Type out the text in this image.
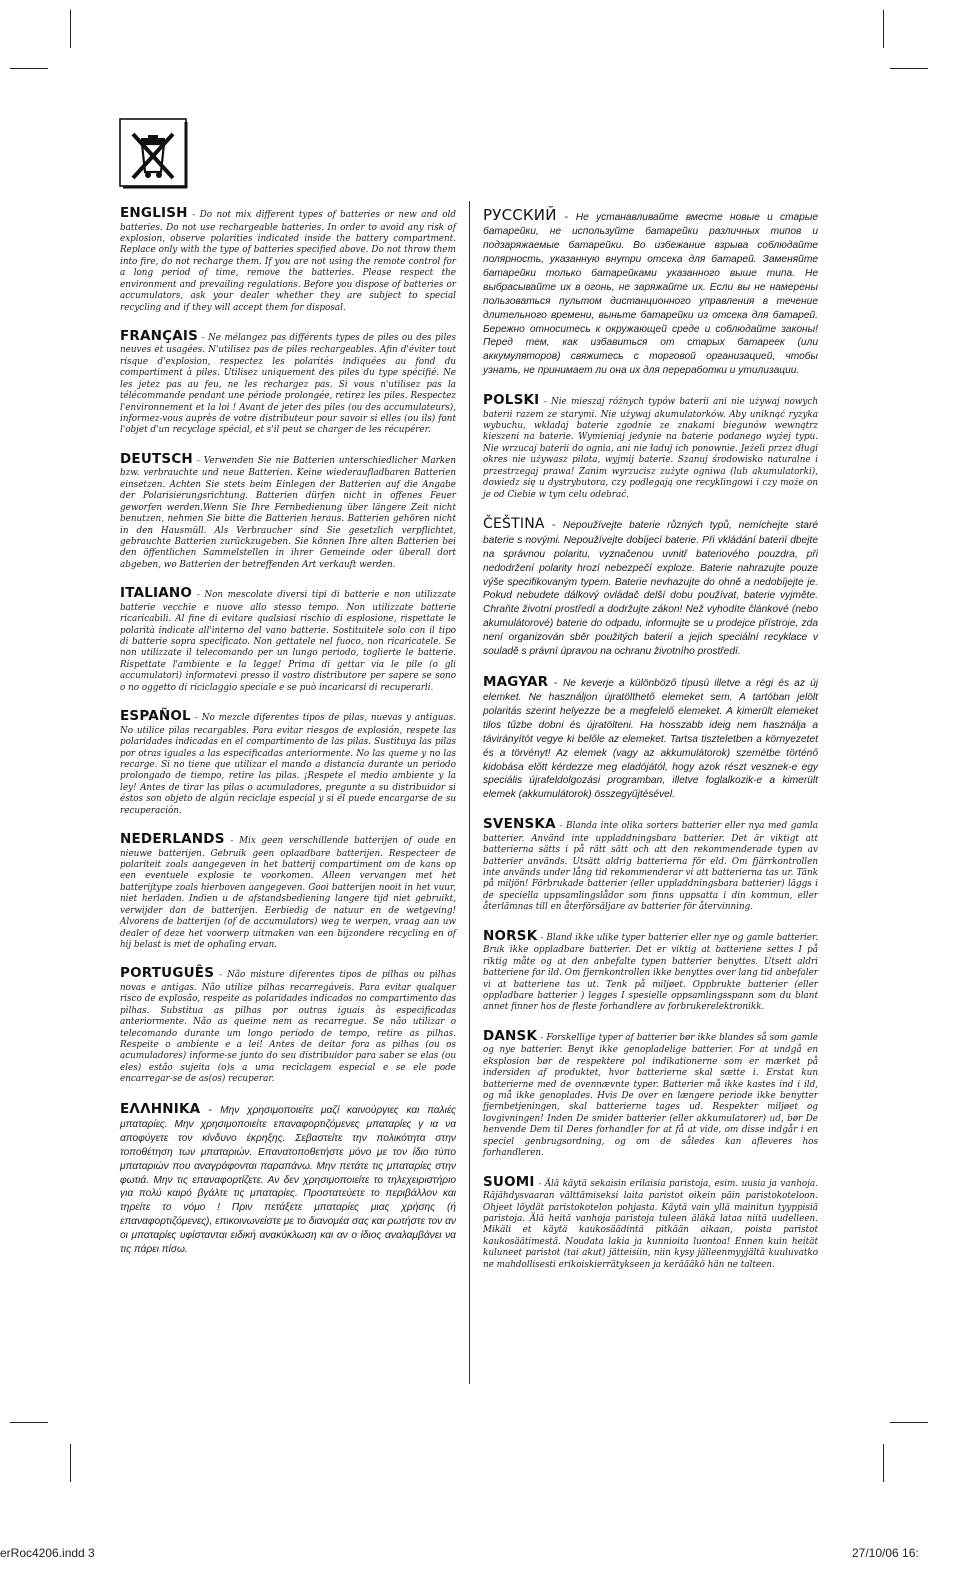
ENGLISH - Do not mix different types of batteries or new and old batteries. Do not use rechargeable batteries. In order to avoid any risk of explosion, observe polarities indicated inside the battery compartment. Replace only with the type of batteries specified above. Do not throw them into fire, do not recharge them. If you are not using the remote control for a long period of time, remove the batteries. Please respect the environment and prevailing regulations. Before you dispose of batteries or accumulators, ask your dealer whether they are subject to special recycling and if they will accept them for disposal.

FRANÇAIS - Ne mélangez pas différents types de piles ou des piles neuves et usagées. N'utilisez pas de piles rechargeables. Afin d'éviter tout risque d'explosion, respectez les polarités indiquées au fond du compartiment à piles. Utilisez uniquement des piles du type spécifié. Ne les jetez pas au feu, ne les rechargez pas. Si vous n'utilisez pas la télécommande pendant une période prolongée, retirez les piles. Respectez l'environnement et la loi ! Avant de jeter des piles (ou des accumulateurs), informez-vous auprès de votre distributeur pour savoir si elles (ou ils) font l'objet d'un recyclage spécial, et s'il peut se charger de les récupérer.

DEUTSCH - Verwenden Sie nie Batterien unterschiedlicher Marken bzw. verbrauchte und neue Batterien. Keine wiederaufladbaren Batterien einsetzen. Achten Sie stets beim Einlegen der Batterien auf die Angabe der Polarisierungsrichtung. Batterien dürfen nicht in offenes Feuer geworfen werden.Wenn Sie Ihre Fernbedienung über längere Zeit nicht benutzen, nehmen Sie bitte die Batterien heraus. Batterien gehören nicht in den Hausmüll. Als Verbraucher sind Sie gesetzlich verpflichtet, gebrauchte Batterien zurückzugeben. Sie können Ihre alten Batterien bei den öffentlichen Sammelstellen in ihrer Gemeinde oder überall dort abgeben, wo Batterien der betreffenden Art verkauft werden.

ITALIANO - Non mescolate diversi tipi di batterie e non utilizzate batterie vecchie e nuove allo stesso tempo. Non utilizzate batterie ricaricabili. Al fine di evitare qualsiasi rischio di esplosione, rispettate le polarità indicate all'interno del vano batterie. Sostituitele solo con il tipo di batterie sopra specificato. Non gettatele nel fuoco, non ricaricatele. Se non utilizzate il telecomando per un lungo periodo, toglierte le batterie. Rispettate l'ambiente e la legge! Prima di gettar via le pile (o gli accumulatori) informatevi presso il vostro distributore per sapere se sono o no oggetto di riciclaggio speciale e se può incaricarsi di recuperarli.

ESPAÑOL - No mezcle diferentes tipos de pilas, nuevas y antiguas. No utilice pilas recargables. Para evitar riesgos de explosión, respete las polaridades indicadas en el compartimento de las pilas. Sustituya las pilas por otras iguales a las especificadas anteriormente. No las queme y no las recarge. Si no tiene que utilizar el mando a distancia durante un periodo prolongado de tiempo, retire las pilas. ¡Respete el medio ambiente y la ley! Antes de tirar las pilas o acumuladores, pregunte a su distribuidor si éstos son objeto de algún reciclaje especial y si él puede encargarse de su recuperación.

NEDERLANDS - Mix geen verschillende batterijen of oude en nieuwe batterijen. Gebruik geen oplaadbare batterijen. Respecteer de polariteit zoals aangegeven in het batterij compartiment om de kans op een eventuele explosie te voorkomen. Alleen vervangen met het batterijtype zoals hierboven aangegeven. Gooi batterijen nooit in het vuur, niet herladen. Indien u de afstandsbediening langere tijd niet gebruikt, verwijder dan de batterijen. Eerbiedig de natuur en de wetgeving! Alvorens de batterijen (of de accumulators) weg te werpen, vraag aan uw dealer of deze het voorwerp uitmaken van een bijzondere recycling en of hij belast is met de ophaling ervan.

PORTUGUÊS - Não misture diferentes tipos de pilhas ou pilhas novas e antigas. Não utilize pilhas recarregáveis. Para evitar qualquer risco de explosão, respeite as polaridades indicados no compartimento das pilhas. Substitua as pilhas por outras iguais às especificadas anteriormente. Não as queime nem as recarregue. Se não utilizar o telecomando durante um longo período de tempo, retire as pilhas. Respeite o ambiente e a lei! Antes de deitar fora as pilhas (ou os acumuladores) informe-se junto do seu distribuidor para saber se elas (ou eles) estão sujeita (o)s a uma reciclagem especial e se ele pode encarregar-se de as(os) recuperar.

ΕΛΛΗΝΙΚΑ - Μην χρησιμοποιείτε μαζί καινούργιες και παλιές μπαταρίες. Μην χρησιμοποιείτε επαναφορτιζόμενες μπαταρίες γ ια να αποφύγετε τον κίνδυνο έκρηξης. Σεβαστείτε την πολικότητα στην τοποθέτηση των μπαταριών. Επανατοποθετήστε μόνο με τον ίδιο τύπο μπαταριών που αναγράφονται παραπάνω. Μην πετάτε τις μπαταρίες στην φωτιά. Μην τις επαναφορτίζετε. Αν δεν χρησιμοποιείτε το τηλεχειριστήριο για πολύ καιρό βγάλτε τις μπαταρίες. Προστατεύετε το περιβάλλον και τηρείτε το νόμο ! Πριν πετάξετε μπαταρίες μιας χρήσης (ή επαναφορτιζόμενες), επικοινωνείστε με το διανομέα σας και ρωτήστε τον αν οι μπαταρίες υφίστανται ειδική ανακύκλωση και αν ο ίδιος αναλαμβάνει να τις πάρει πίσω.

РУССКИЙ - Не устанавливайте вместе новые и старые батарейки, не используйте батарейки различных типов и подзаряжаемые батарейки. Во избежание взрыва соблюдайте полярность, указанную внутри отсека для батарей. Заменяйте батарейки только батарейками указанного выше типа. Не выбрасывайте их в огонь, не заряжайте их. Если вы не намерены пользоваться пультом дистанционного управления в течение длительного времени, выньте батарейки из отсека для батарей. Бережно относитесь к окружающей среде и соблюдайте законы! Перед тем, как избавиться от старых батареек (или аккумуляторов) свяжитесь с торговой организацией, чтобы узнать, не принимает ли она их для переработки и утилизации.

POLSKI - Nie mieszaj różnych typów baterii ani nie używaj nowych baterii razem ze starymi. Nie używaj akumulatorków. Aby uniknąć ryzyka wybuchu, wkładaj baterie zgodnie ze znakami biegunów wewnątrz kieszeni na baterie. Wymieniaj jedynie na baterie podanego wyżej typu. Nie wrzucaj baterii do ognia, ani nie ładuj ich ponownie. Jeżeli przez długi okres nie używasz pilota, wyjmij baterie. Szanuj środowisko naturalne i przestrzegaj prawa! Zanim wyrzucisz zużyte ogniwa (lub akumulatorki), dowiedz się u dystrybutora, czy podlegają one recyklingowi i czy może on je od Ciebie w tym celu odebrać.

ČEŠTINA - Nepoužívejte baterie různých typů, nemíchejte staré baterie s novými. Nepoužívejte dobíjecí baterie. Při vkládání baterií dbejte na správnou polaritu, vyznačenou uvnitř bateriového pouzdra, při nedodržení polarity hrozí nebezpečí exploze. Baterie nahrazujte pouze výše specifikovaným typem. Baterie nevhazujte do ohně a nedobíjejte je. Pokud nebudete dálkový ovládač delší dobu používat, baterie vyjměte. Chraňte životní prostředí a dodržujte zákon! Než vyhodíte článkové (nebo akumulátorové) baterie do odpadu, informujte se u prodejce přístroje, zda není organizován sběr použitých baterií a jejich speciální recyklace v souladě s právní úpravou na ochranu životního prostředí.

MAGYAR - Ne keverje a különböző típusú illetve a régi és az új elemket. Ne használjon újratölthető elemeket sem. A tartóban jelölt polaritás szerint helyezze be a megfelelő elemeket. A kimerült elemeket tilos tűzbe dobni és újratölteni. Ha hosszabb ideig nem használja a távirányítót vegye ki belőle az elemeket. Tartsa tiszteletben a környezetet és a törvényt! Az elemek (vagy az akkumulátorok) szemétbe történő kidobása előtt kérdezze meg eladójától, hogy azok részt vesznek-e egy speciális újrafeldolgozási programban, illetve foglalkozik-e a kimerült elemek (akkumulátorok) összegyűjtésével.

SVENSKA - Blanda inte olika sorters batterier eller nya med gamla batterier. Använd inte uppladdningsbara batterier. Det är viktigt att batterierna sätts i på rätt sätt och att den rekommenderade typen av batterier används. Utsätt aldrig batterierna för eld. Om fjärrkontrollen inte används under lång tid rekommenderar vi att batterierna tas ur. Tänk på miljön! Förbrukade batterier (eller uppladdningsbara batterier) läggs i de speciella uppsamlingslådor som finns uppsatta i din kommun, eller återlämnas till en återförsäljare av batterier för återvinning.

NORSK - Bland ikke ulike typer batterier eller nye og gamle batterier. Bruk ikke oppladbare batterier. Det er viktig at batteriene settes I på riktig måte og at den anbefalte typen batterier benyttes. Utsett aldri batteriene for ild. Om fjernkontrollen ikke benyttes over lang tid anbefaler vi at batteriene tas ut. Tenk på miljøet. Oppbrukte batterier (eller oppladbare batterier ) legges I spesielle oppsamlingsspann som du blant annet finner hos de fleste forhandlere av forbrukerelektronikk.

DANSK - Forskellige typer af batterier bør ikke blandes så som gamle og nye batterier. Benyt ikke genopladelige batterier. For at undgå en eksplosion bør de respektere pol indikationerne som er mærket på indersiden af produktet, hvor batterierne skal sætte i. Erstat kun batterierne med de ovennævnte typer. Batterier må ikke kastes ind i ild, og må ikke genoplades. Hvis De over en længere periode ikke benytter fjernbetjeningen, skal batterierne tages ud. Respekter miljøet og lovgivningen! Inden De smider batterier (eller akkumulatorer) ud, bør De henvende Dem til Deres forhandler for at få at vide, om disse indgår i en speciel genbrugsordning, og om de således kan afleveres hos forhandleren.

SUOMI - Älä käytä sekaisin erilaisia paristoja, esim. uusia ja vanhoja. Räjähdysvaaran välttämiseksi laita paristot oikein päin paristokoteloon. Ohjeet löydät paristokotelon pohjasta. Käytä vain yllä mainitun tyyppisiä paristoja. Älä heitä vanhoja paristoja tuleen äläkä lataa niitä uudelleen. Mikäli et käytä kaukosäädintä pitkään aikaan, poista paristot kaukosäätimestä. Noudata lakia ja kunnioita luontoa! Ennen kuin heität kuluneet paristot (tai akut) jätteisiin, niin kysy jälleenmyyjältä kuuluvatko ne mahdollisesti erikoiskierrätykseen ja keräääkö hän ne talteen.

erRoc4206.indd 3	27/10/06 16:
